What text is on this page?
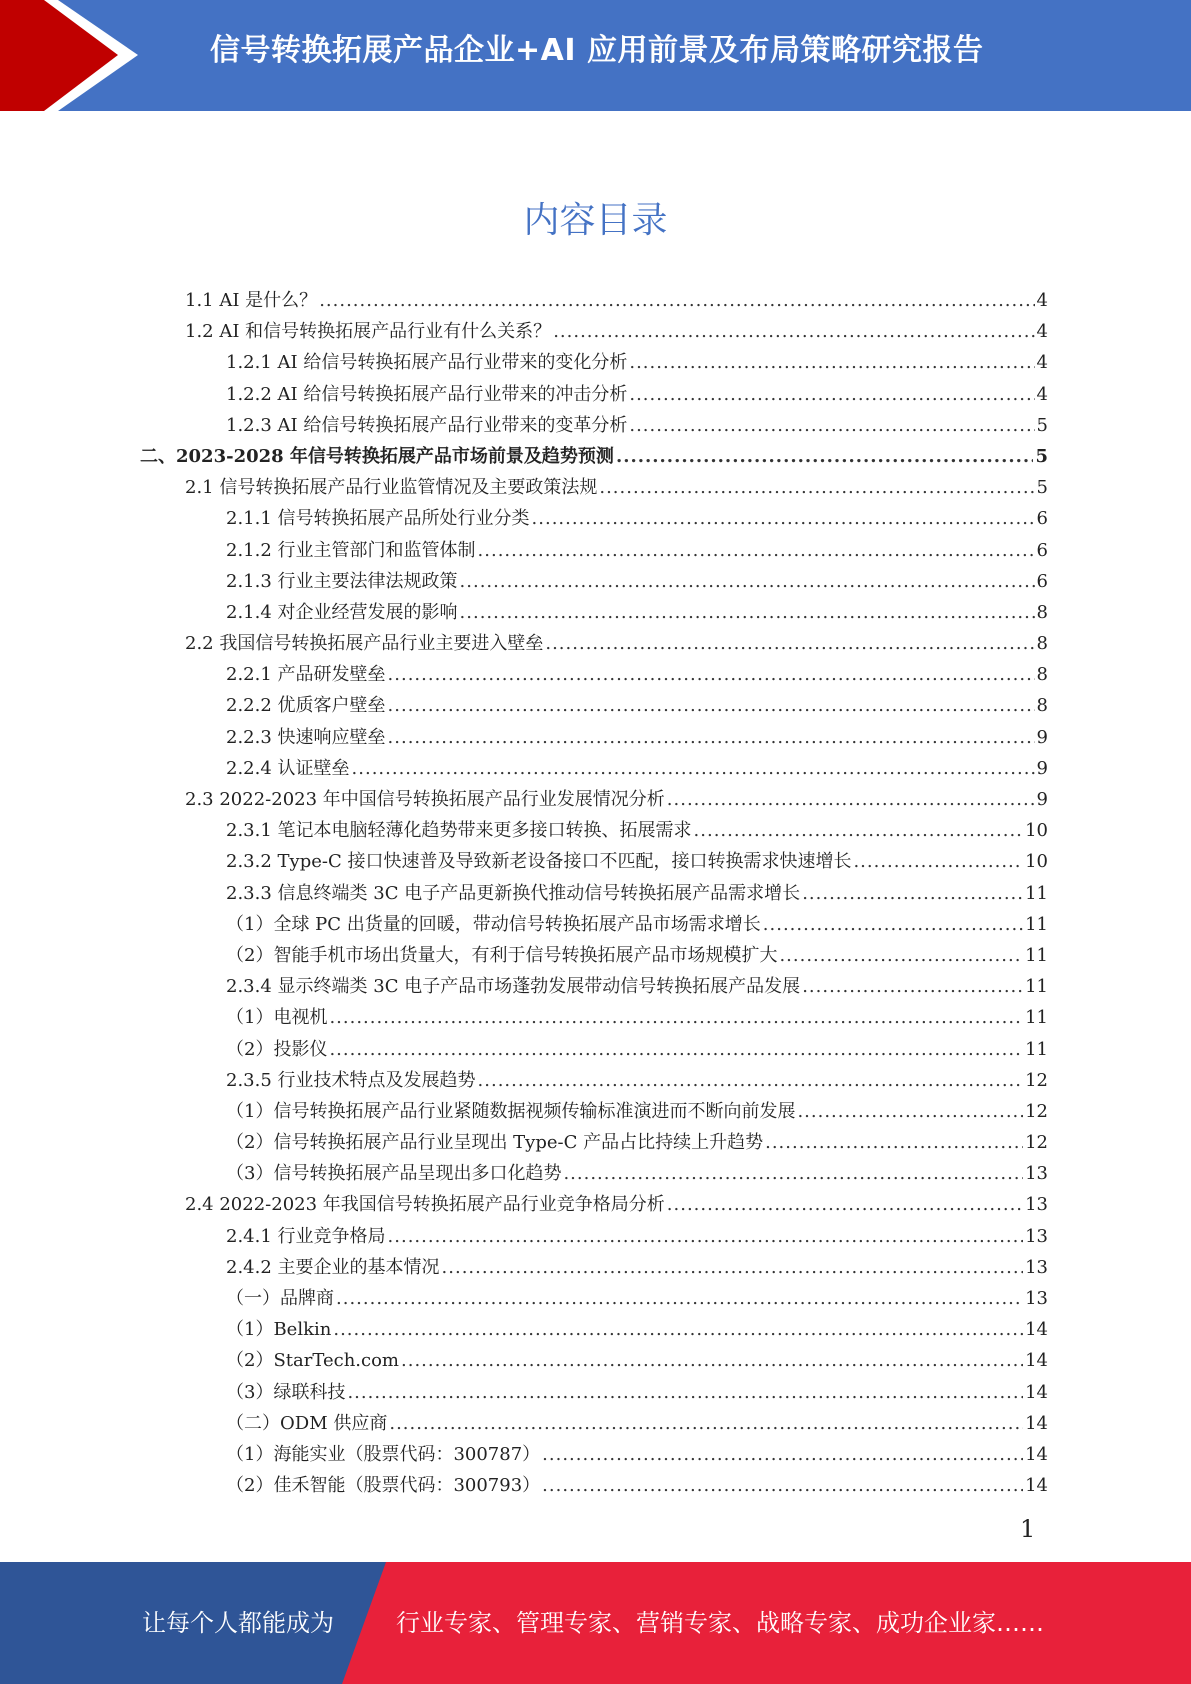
信号转换拓展产品企业+AI 应用前景及布局策略研究报告
内容目录
1.1 AI 是什么？ .....	4
1.2 AI 和信号转换拓展产品行业有什么关系？ .....	4
1.2.1 AI 给信号转换拓展产品行业带来的变化分析 .....	4
1.2.2 AI 给信号转换拓展产品行业带来的冲击分析 .....	4
1.2.3 AI 给信号转换拓展产品行业带来的变革分析 .....	5
二、2023-2028 年信号转换拓展产品市场前景及趋势预测 .....	5
2.1 信号转换拓展产品行业监管情况及主要政策法规 .....	5
2.1.1 信号转换拓展产品所处行业分类 .....	6
2.1.2 行业主管部门和监管体制 .....	6
2.1.3 行业主要法律法规政策 .....	6
2.1.4 对企业经营发展的影响 .....	8
2.2 我国信号转换拓展产品行业主要进入壁垒 .....	8
2.2.1 产品研发壁垒 .....	8
2.2.2 优质客户壁垒 .....	8
2.2.3 快速响应壁垒 .....	9
2.2.4 认证壁垒 .....	9
2.3 2022-2023 年中国信号转换拓展产品行业发展情况分析 .....	9
2.3.1 笔记本电脑轻薄化趋势带来更多接口转换、拓展需求 .....	10
2.3.2 Type-C 接口快速普及导致新老设备接口不匹配，接口转换需求快速增长 .....	10
2.3.3 信息终端类 3C 电子产品更新换代推动信号转换拓展产品需求增长 .....	11
（1）全球 PC 出货量的回暖，带动信号转换拓展产品市场需求增长 .....	11
（2）智能手机市场出货量大，有利于信号转换拓展产品市场规模扩大 .....	11
2.3.4 显示终端类 3C 电子产品市场蓬勃发展带动信号转换拓展产品发展 .....	11
（1）电视机 .....	11
（2）投影仪 .....	11
2.3.5 行业技术特点及发展趋势 .....	12
（1）信号转换拓展产品行业紧随数据视频传输标准演进而不断向前发展 .....	12
（2）信号转换拓展产品行业呈现出 Type-C 产品占比持续上升趋势 .....	12
（3）信号转换拓展产品呈现出多口化趋势 .....	13
2.4 2022-2023 年我国信号转换拓展产品行业竞争格局分析 .....	13
2.4.1 行业竞争格局 .....	13
2.4.2 主要企业的基本情况 .....	13
（一）品牌商 .....	13
（1）Belkin .....	14
（2）StarTech.com .....	14
（3）绿联科技 .....	14
（二）ODM 供应商 .....	14
（1）海能实业（股票代码：300787） .....	14
（2）佳禾智能（股票代码：300793） .....	14
1
让每个人都能成为	行业专家、管理专家、营销专家、战略专家、成功企业家……
